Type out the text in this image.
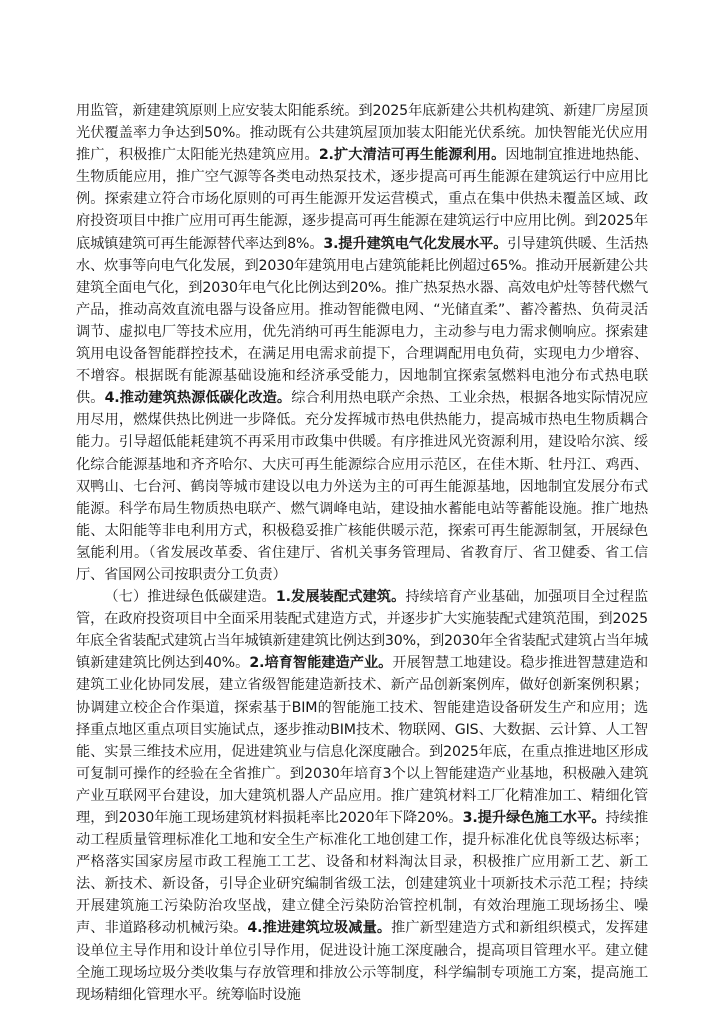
用监管，新建建筑原则上应安装太阳能系统。到2025年底新建公共机构建筑、新建厂房屋顶光伏覆盖率力争达到50%。推动既有公共建筑屋顶加装太阳能光伏系统。加快智能光伏应用推广，积极推广太阳能光热建筑应用。2.扩大清洁可再生能源利用。因地制宜推进地热能、生物质能应用，推广空气源等各类电动热泵技术，逐步提高可再生能源在建筑运行中应用比例。探索建立符合市场化原则的可再生能源开发运营模式，重点在集中供热未覆盖区域、政府投资项目中推广应用可再生能源，逐步提高可再生能源在建筑运行中应用比例。到2025年底城镇建筑可再生能源替代率达到8%。3.提升建筑电气化发展水平。引导建筑供暖、生活热水、炊事等向电气化发展，到2030年建筑用电占建筑能耗比例超过65%。推动开展新建公共建筑全面电气化，到2030年电气化比例达到20%。推广热泵热水器、高效电炉灶等替代燃气产品，推动高效直流电器与设备应用。推动智能微电网、“光储直柔”、蓄冷蓄热、负荷灵活调节、虚拟电厂等技术应用，优先消纳可再生能源电力，主动参与电力需求侧响应。探索建筑用电设备智能群控技术，在满足用电需求前提下，合理调配用电负荷，实现电力少增容、不增容。根据既有能源基础设施和经济承受能力，因地制宜探索氢燃料电池分布式热电联供。4.推动建筑热源低碳化改造。综合利用热电联产余热、工业余热，根据各地实际情况应用尽用，燃煤供热比例进一步降低。充分发挥城市热电供热能力，提高城市热电生物质耦合能力。引导超低能耗建筑不再采用市政集中供暖。有序推进风光资源利用，建设哈尔滨、绥化综合能源基地和齐齐哈尔、大庆可再生能源综合应用示范区，在佳木斯、牡丹江、鸡西、双鸭山、七台河、鹤岗等城市建设以电力外送为主的可再生能源基地，因地制宜发展分布式能源。科学布局生物质热电联产、燃气调峰电站，建设抽水蓄能电站等蓄能设施。推广地热能、太阳能等非电利用方式，积极稳妥推广核能供暖示范，探索可再生能源制氢，开展绿色氢能利用。（省发展改革委、省住建厅、省机关事务管理局、省教育厅、省卫健委、省工信厅、省国网公司按职责分工负责）

（七）推进绿色低碳建造。1.发展装配式建筑。持续培育产业基础，加强项目全过程监管，在政府投资项目中全面采用装配式建造方式，并逐步扩大实施装配式建筑范围，到2025年底全省装配式建筑占当年城镇新建建筑比例达到30%，到2030年全省装配式建筑占当年城镇新建建筑比例达到40%。2.培育智能建造产业。开展智慧工地建设。稳步推进智慧建造和建筑工业化协同发展，建立省级智能建造新技术、新产品创新案例库，做好创新案例积累；协调建立校企合作渠道，探索基于BIM的智能施工技术、智能建造设备研发生产和应用；选择重点地区重点项目实施试点，逐步推动BIM技术、物联网、GIS、大数据、云计算、人工智能、实景三维技术应用，促进建筑业与信息化深度融合。到2025年底，在重点推进地区形成可复制可操作的经验在全省推广。到2030年培育3个以上智能建造产业基地，积极融入建筑产业互联网平台建设，加大建筑机器人产品应用。推广建筑材料工厂化精准加工、精细化管理，到2030年施工现场建筑材料损耗率比2020年下降20%。3.提升绿色施工水平。持续推动工程质量管理标准化工地和安全生产标准化工地创建工作，提升标准化优良等级达标率；严格落实国家房屋市政工程施工工艺、设备和材料淘汰目录，积极推广应用新工艺、新工法、新技术、新设备，引导企业研究编制省级工法，创建建筑业十项新技术示范工程；持续开展建筑施工污染防治攻坚战，建立健全污染防治管控机制，有效治理施工现场扬尘、噪声、非道路移动机械污染。4.推进建筑垃圾减量。推广新型建造方式和新组织模式，发挥建设单位主导作用和设计单位引导作用，促进设计施工深度融合，提高项目管理水平。建立健全施工现场垃圾分类收集与存放管理和排放公示等制度，科学编制专项施工方案，提高施工现场精细化管理水平。统筹临时设施
